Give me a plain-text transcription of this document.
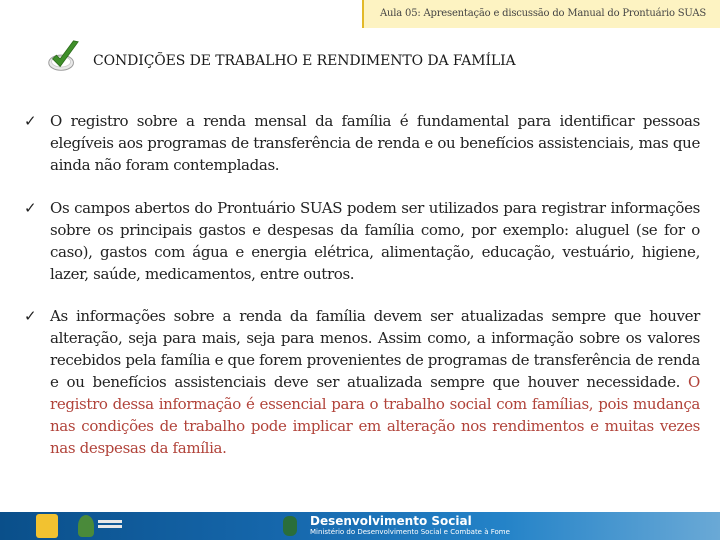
Aula 05: Apresentação e discussão do Manual do Prontuário SUAS
CONDIÇÕES DE TRABALHO E RENDIMENTO DA FAMÍLIA
✓ O registro sobre a renda mensal da família é fundamental para identificar pessoas elegíveis aos programas de transferência de renda e ou benefícios assistenciais, mas que ainda não foram contempladas.
✓ Os campos abertos do Prontuário SUAS podem ser utilizados para registrar informações sobre os principais gastos e despesas da família como, por exemplo: aluguel (se for o caso), gastos com água e energia elétrica, alimentação, educação, vestuário, higiene, lazer, saúde, medicamentos, entre outros.
✓ As informações sobre a renda da família devem ser atualizadas sempre que houver alteração, seja para mais, seja para menos. Assim como, a informação sobre os valores recebidos pela família e que forem provenientes de programas de transferência de renda e ou benefícios assistenciais deve ser atualizada sempre que houver necessidade. O registro dessa informação é essencial para o trabalho social com famílias, pois mudança nas condições de trabalho pode implicar em alteração nos rendimentos e muitas vezes nas despesas da família.
Desenvolvimento Social
Ministério do Desenvolvimento Social e Combate à Fome
